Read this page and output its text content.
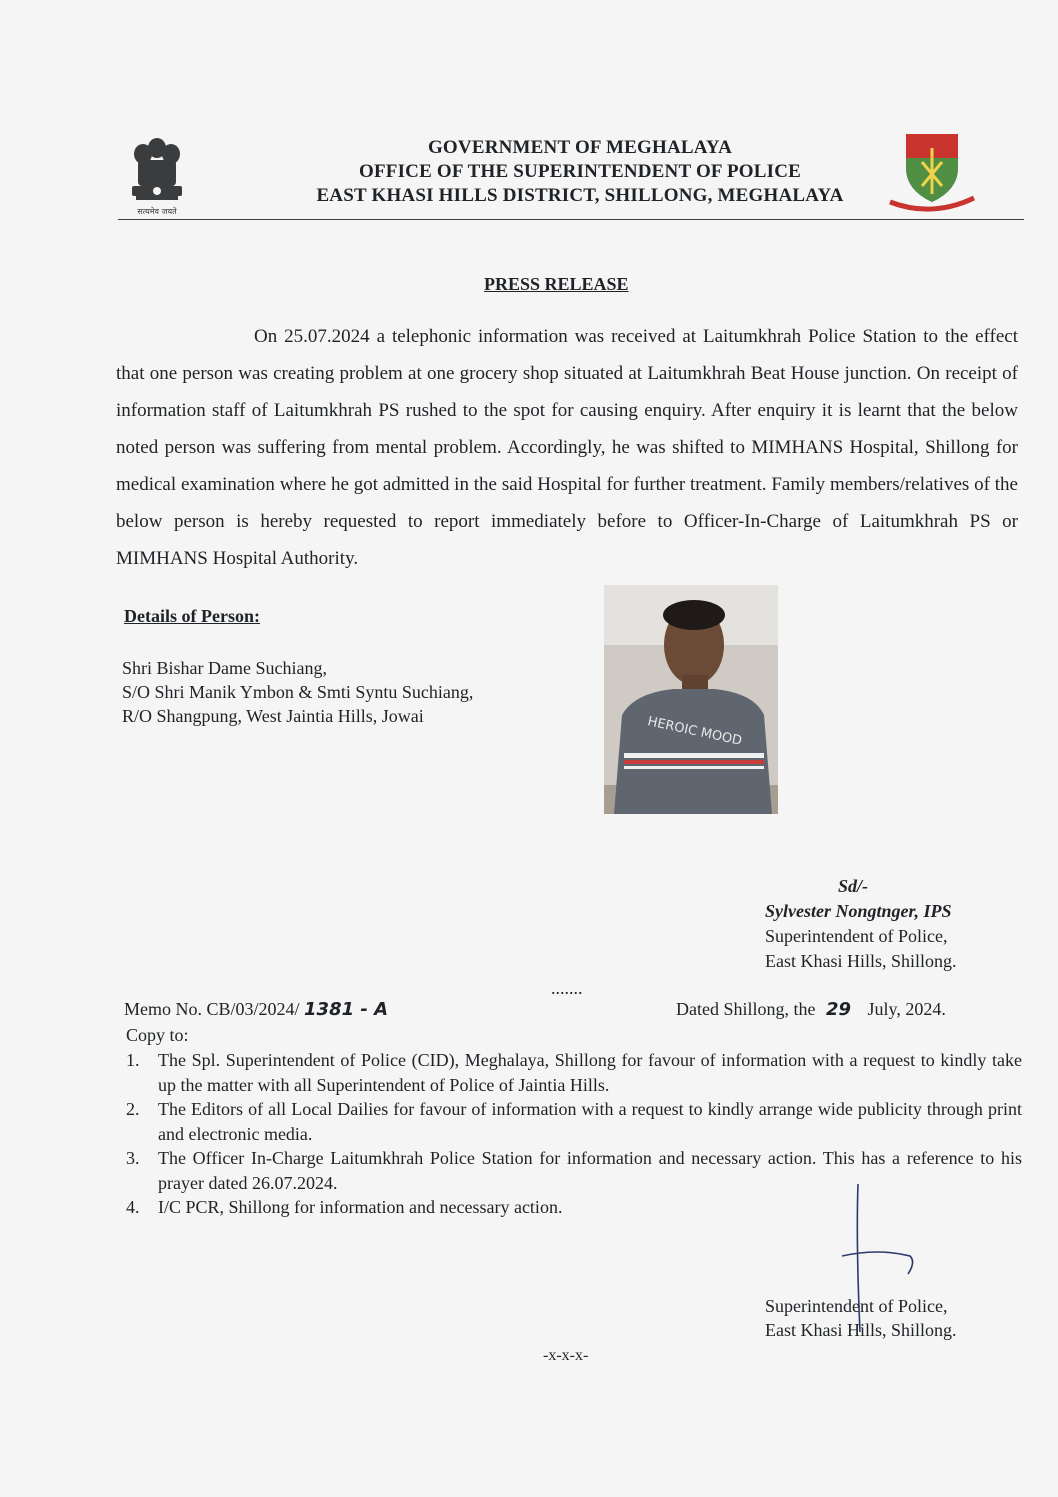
सत्यमेव जयते
GOVERNMENT OF MEGHALAYA
OFFICE OF THE SUPERINTENDENT OF POLICE
EAST KHASI HILLS DISTRICT, SHILLONG, MEGHALAYA
PRESS RELEASE
On 25.07.2024 a telephonic information was received at Laitumkhrah Police Station to the effect that one person was creating problem at one grocery shop situated at Laitumkhrah Beat House junction. On receipt of information staff of Laitumkhrah PS rushed to the spot for causing enquiry. After enquiry it is learnt that the below noted person was suffering from mental problem. Accordingly, he was shifted to MIMHANS Hospital, Shillong for medical examination where he got admitted in the said Hospital for further treatment. Family members/relatives of the below person is hereby requested to report immediately before to Officer-In-Charge of Laitumkhrah PS or MIMHANS Hospital Authority.
Details of Person:
Shri Bishar Dame Suchiang,
S/O Shri Manik Ymbon & Smti Syntu Suchiang,
R/O Shangpung, West Jaintia Hills, Jowai	HEROIC MOOD
Sd/-
Sylvester Nongtnger, IPS
Superintendent of Police,
East Khasi Hills, Shillong.
.......
Memo No. CB/03/2024/ 1381 - A	Dated Shillong, the 29 July, 2024.
Copy to:
1.	The Spl. Superintendent of Police (CID), Meghalaya, Shillong for favour of information with a request to kindly take up the matter with all Superintendent of Police of Jaintia Hills.
2.	The Editors of all Local Dailies for favour of information with a request to kindly arrange wide publicity through print and electronic media.
3.	The Officer In-Charge Laitumkhrah Police Station for information and necessary action. This has a reference to his prayer dated 26.07.2024.
4.	I/C PCR, Shillong for information and necessary action.
Superintendent of Police,
East Khasi Hills, Shillong.
-x-x-x-
